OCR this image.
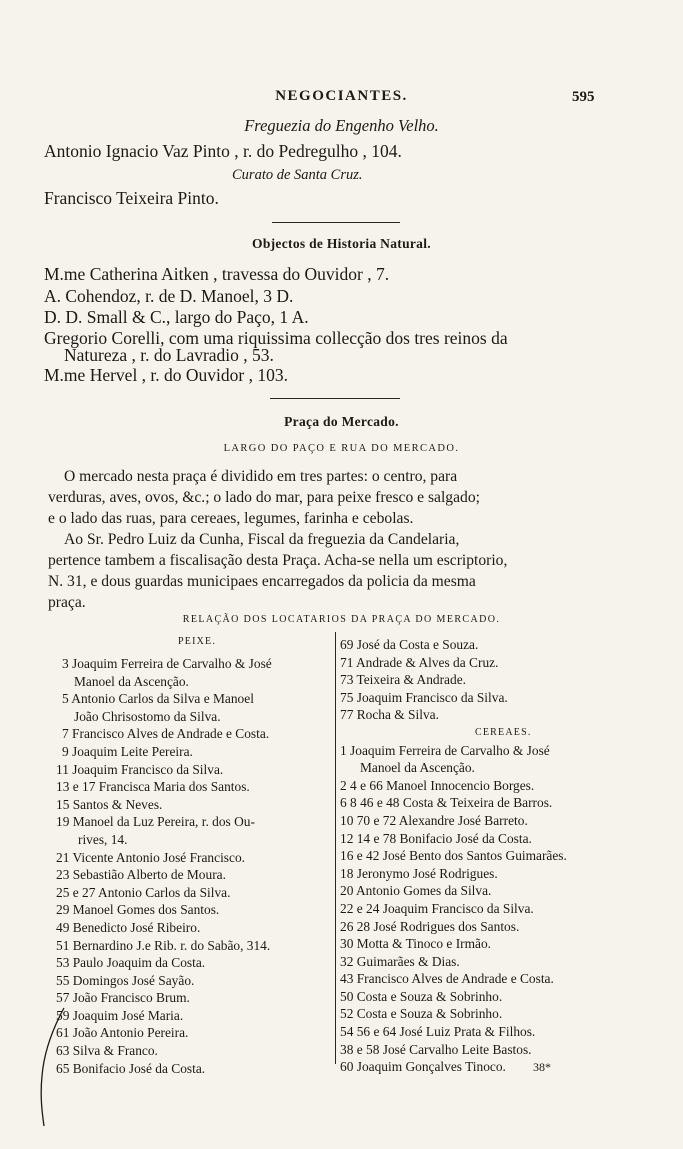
NEGOCIANTES.	595
Freguezia do Engenho Velho.
Antonio Ignacio Vaz Pinto , r. do Pedregulho , 104.
Curato de Santa Cruz.
Francisco Teixeira Pinto.
Objectos de Historia Natural.
M.me Catherina Aitken , travessa do Ouvidor , 7.
A. Cohendoz, r. de D. Manoel, 3 D.
D. D. Small & C., largo do Paço, 1 A.
Gregorio Corelli, com uma riquissima collecção dos tres reinos da
Natureza , r. do Lavradio , 53.
M.me Hervel , r. do Ouvidor , 103.
Praça do Mercado.
LARGO DO PAÇO E RUA DO MERCADO.
O mercado nesta praça é dividido em tres partes: o centro, para
verduras, aves, ovos, &c.; o lado do mar, para peixe fresco e salgado;
e o lado das ruas, para cereaes, legumes, farinha e cebolas.
Ao Sr. Pedro Luiz da Cunha, Fiscal da freguezia da Candelaria,
pertence tambem a fiscalisação desta Praça. Acha-se nella um escriptorio,
N. 31, e dous guardas municipaes encarregados da policia da mesma
praça.
RELAÇÃO DOS LOCATARIOS DA PRAÇA DO MERCADO.
PEIXE.
3 Joaquim Ferreira de Carvalho & José
Manoel da Ascenção.
5 Antonio Carlos da Silva e Manoel
João Chrisostomo da Silva.
7 Francisco Alves de Andrade e Costa.
9 Joaquim Leite Pereira.
11 Joaquim Francisco da Silva.
13 e 17 Francisca Maria dos Santos.
15 Santos & Neves.
19 Manoel da Luz Pereira, r. dos Ou-
rives, 14.
21 Vicente Antonio José Francisco.
23 Sebastião Alberto de Moura.
25 e 27 Antonio Carlos da Silva.
29 Manoel Gomes dos Santos.
49 Benedicto José Ribeiro.
51 Bernardino J.e Rib. r. do Sabão, 314.
53 Paulo Joaquim da Costa.
55 Domingos José Sayão.
57 João Francisco Brum.
59 Joaquim José Maria.
61 João Antonio Pereira.
63 Silva & Franco.
65 Bonifacio José da Costa.
69 José da Costa e Souza.
71 Andrade & Alves da Cruz.
73 Teixeira & Andrade.
75 Joaquim Francisco da Silva.
77 Rocha & Silva.
CEREAES.
1 Joaquim Ferreira de Carvalho & José
Manoel da Ascenção.
2 4 e 66 Manoel Innocencio Borges.
6 8 46 e 48 Costa & Teixeira de Barros.
10 70 e 72 Alexandre José Barreto.
12 14 e 78 Bonifacio José da Costa.
16 e 42 José Bento dos Santos Guimarães.
18 Jeronymo José Rodrigues.
20 Antonio Gomes da Silva.
22 e 24 Joaquim Francisco da Silva.
26 28 José Rodrigues dos Santos.
30 Motta & Tinoco e Irmão.
32 Guimarães & Dias.
43 Francisco Alves de Andrade e Costa.
50 Costa e Souza & Sobrinho.
52 Costa e Souza & Sobrinho.
54 56 e 64 José Luiz Prata & Filhos.
38 e 58 José Carvalho Leite Bastos.
60 Joaquim Gonçalves Tinoco.	38*
